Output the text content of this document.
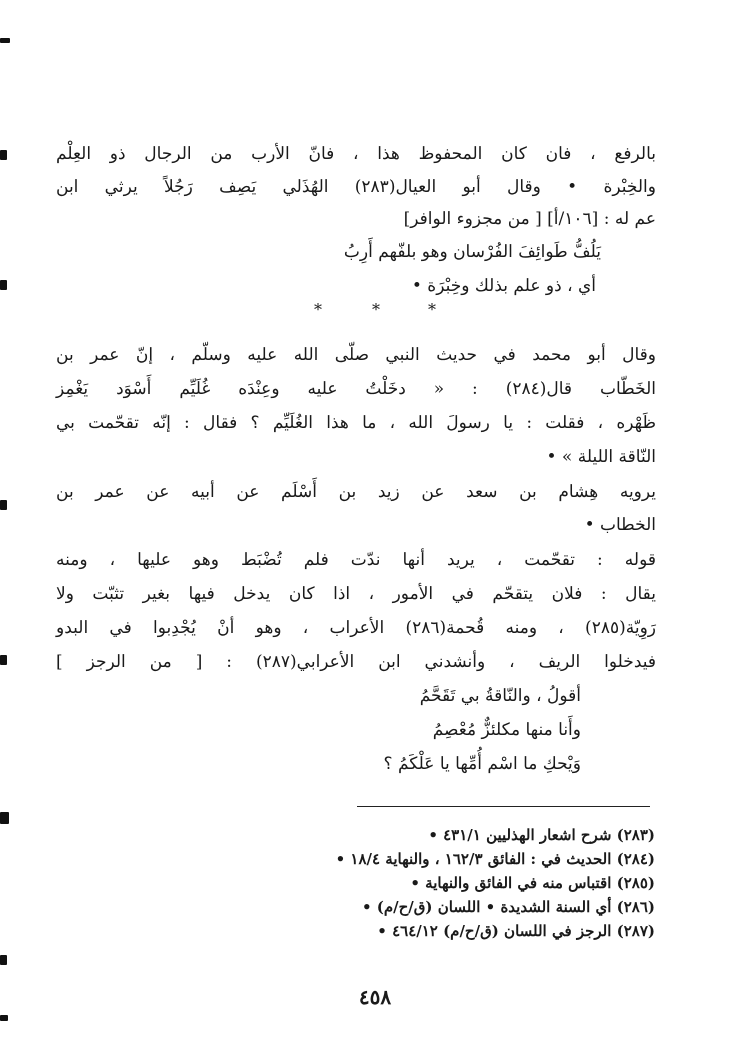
بالرفع ، فان كان المحفوظ هذا ، فانّ الأرب من الرجال ذو العِلْم
والخِبْرة • وقال أبو العيال(٢٨٣) الهُذَلي يَصِف رَجُلاً يرثي ابن
عم له : [١٠٦/أ] [ من مجزوء الوافر]
يَلُفُّ طَوائِفَ الفُرْسان وهو بلفّهم أَرِبُ
أي ، ذو علم بذلك وخِبْرَة •
*	*	*
وقال أبو محمد في حديث النبي صلّى الله عليه وسلّم ، إنّ عمر بن
الخَطّاب قال(٢٨٤) : « دخَلْتُ عليه وعِنْدَه غُلَيِّم أَسْوَد يَغْمِز
ظَهْره ، فقلت : يا رسولَ الله ، ما هذا الغُلَيِّم ؟ فقال : إنّه تقحّمت بي
النّاقة الليلة » •
يرويه هِشام بن سعد عن زيد بن أَسْلَم عن أبيه عن عمر بن
الخطاب •
قوله : تقحّمت ، يريد أنها ندّت فلم تُضْبَط وهو عليها ، ومنه
يقال : فلان يتقحّم في الأمور ، اذا كان يدخل فيها بغير تثبّت ولا
رَوِيّة(٢٨٥) ، ومنه قُحمة(٢٨٦) الأعراب ، وهو أنْ يُجْدِبوا في البدو
فيدخلوا الريف ، وأنشدني ابن الأعرابي(٢٨٧) : [ من الرجز ]
أقولُ ، والنّاقةُ بي تَقَحَّمُ
وأَنا منها مكلئزٌّ مُعْصِمُ
وَيْحكِ ما اسْم أُمِّها يا عَلْكَمُ ؟
(٢٨٣) شرح اشعار الهذليين ٤٣١/١ •
(٢٨٤) الحديث في : الفائق ١٦٢/٣ ، والنهاية ١٨/٤ •
(٢٨٥) اقتباس منه في الفائق والنهاية •
(٢٨٦) أي السنة الشديدة • اللسان (ق/ح/م) •
(٢٨٧) الرجز في اللسان (ق/ح/م) ٤٦٤/١٢ •
٤٥٨
